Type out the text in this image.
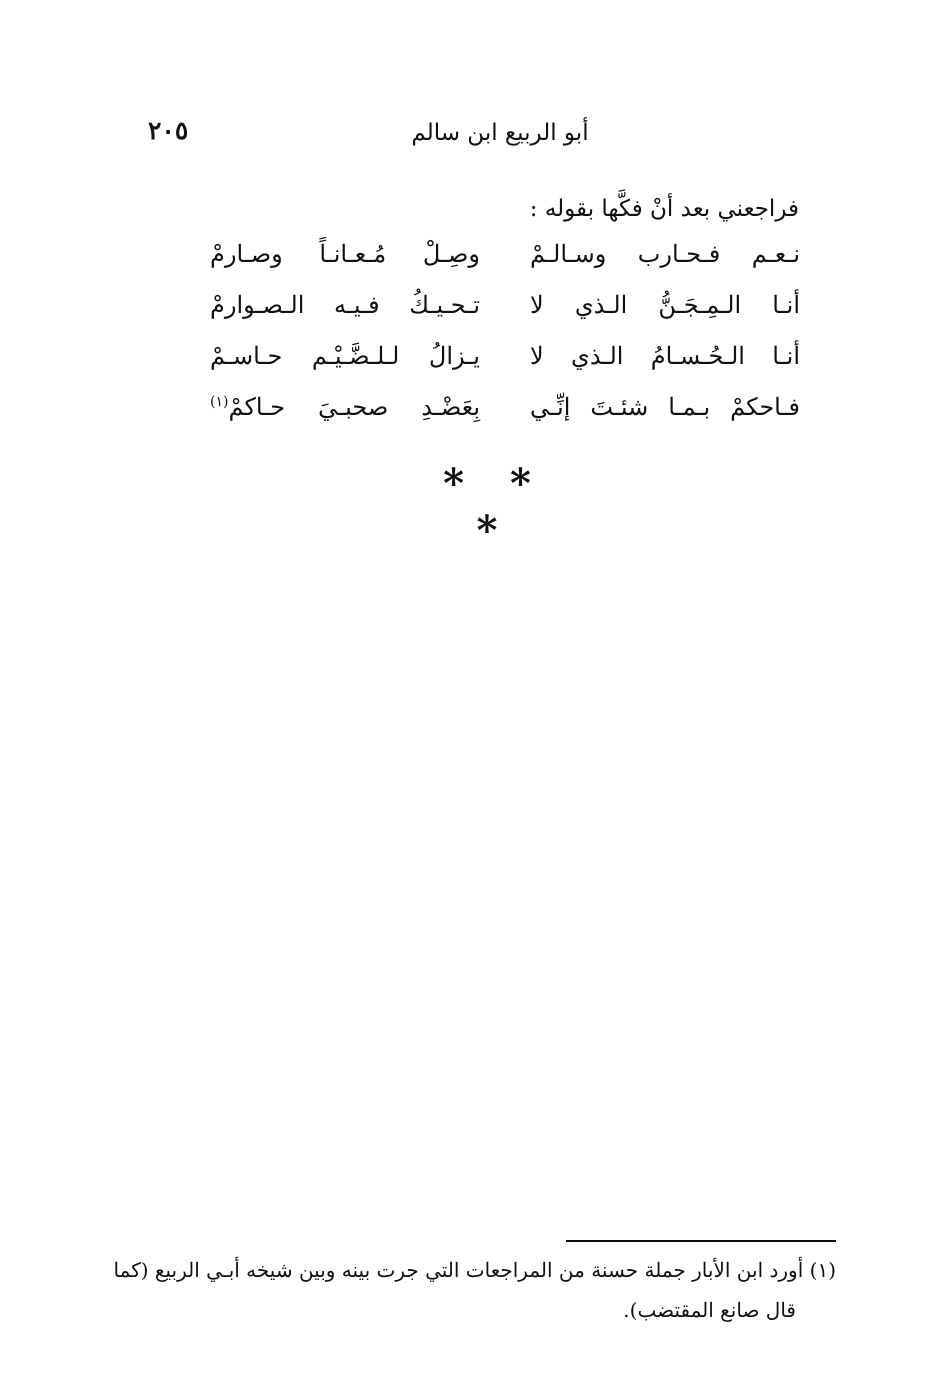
٢٠٥	أبو الربيع ابن سالم
فراجعني بعد أنْ فكَّها بقوله :
نـعـم فـحـارب وسـالـمْ
وصِـلْ مُـعـانـاً وصـارمْ
أنـا الـمِـجَـنُّ الـذي لا
تـحـيـكُ فـيـه الـصـوارمْ
أنـا الـحُـسـامُ الـذي لا
يـزالُ لـلـضَّـيْـم حـاسـمْ
فـاحكمْ بـمـا شئـتَ إنِّـي
بِعَضْـدِ صحبـيَ حـاكمْ$^{(١)}$
* * *
(١) أورد ابن الأبار جملة حسنة من المراجعات التي جرت بينه وبين شيخه أبـي الربيع (كما
قال صانع المقتضب).
